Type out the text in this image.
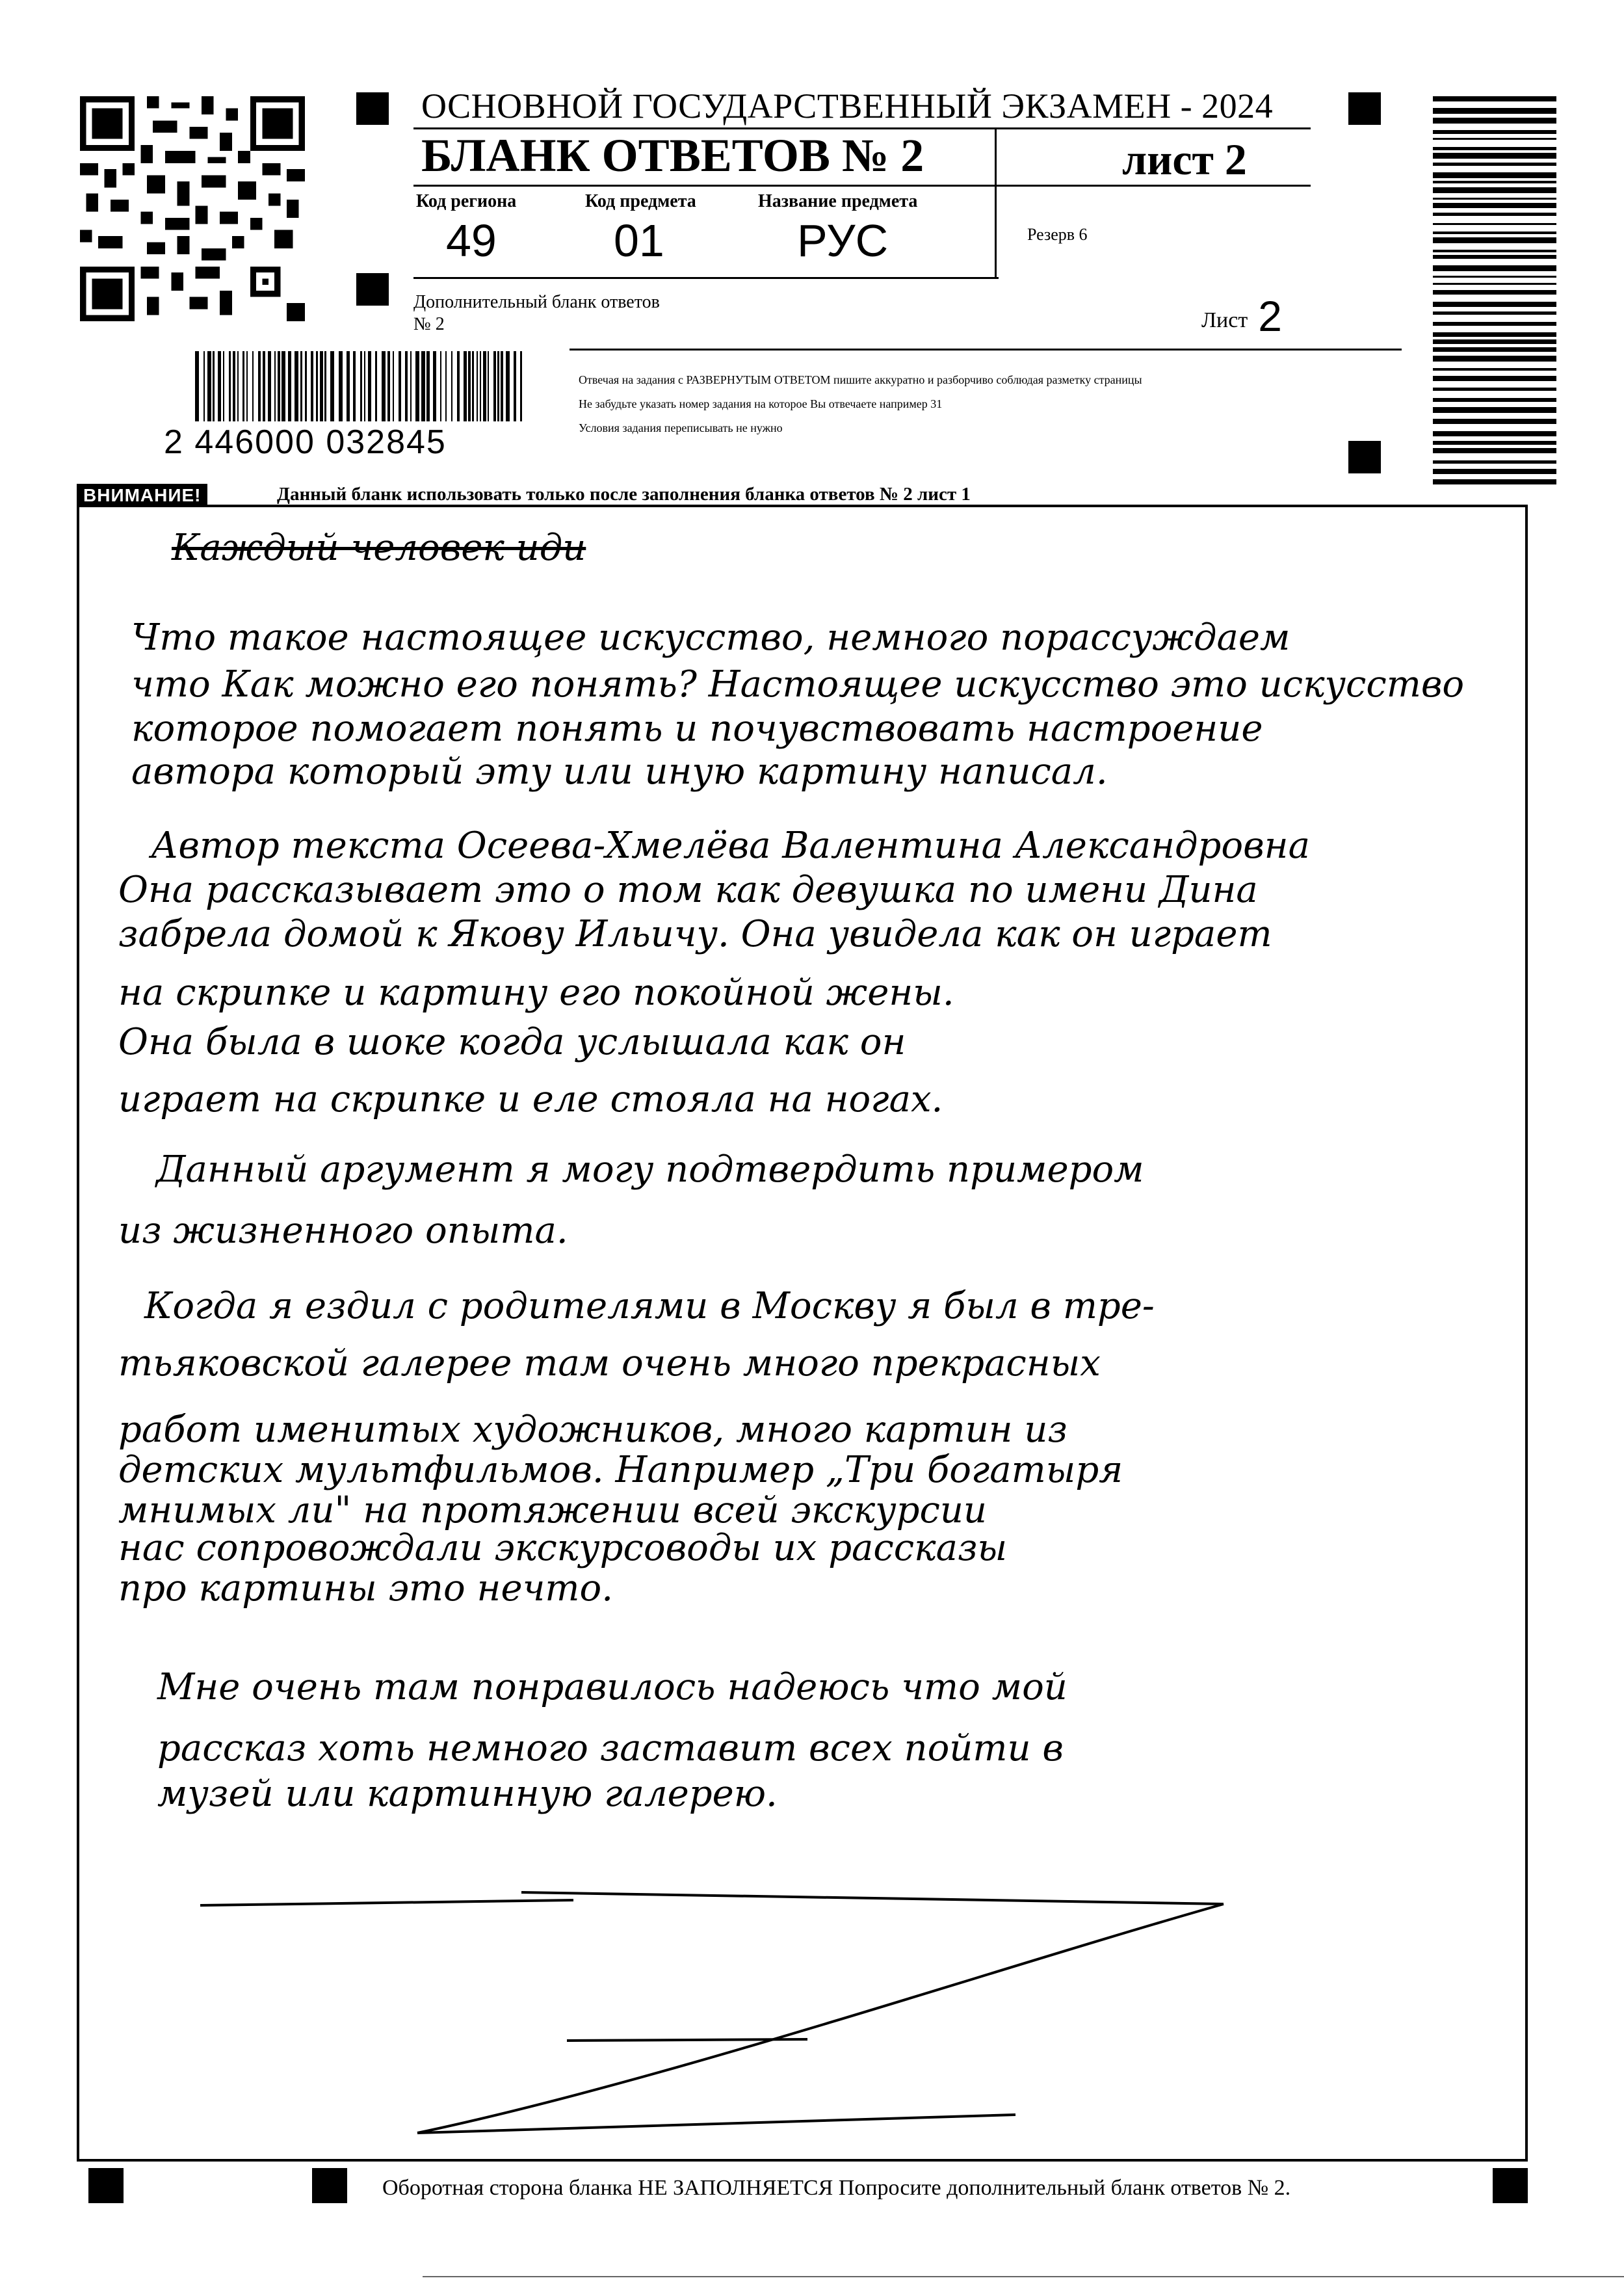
ОСНОВНОЙ ГОСУДАРСТВЕННЫЙ ЭКЗАМЕН - 2024
БЛАНК ОТВЕТОВ № 2	лист 2
Код региона
49
Код предмета
01
Название предмета
РУС	Резерв 6
Дополнительный бланк ответов № 2	Лист 2
Отвечая на задания с РАЗВЕРНУТЫМ ОТВЕТОМ пишите аккуратно и разборчиво соблюдая разметку страницы
Не забудьте указать номер задания на которое Вы отвечаете например 31
Условия задания переписывать не нужно
2 446000 032845
ВНИМАНИЕ!	Данный бланк использовать только после заполнения бланка ответов № 2 лист 1
Каждый человек иди
Что такое настоящее искусство, немного порассуждаем
что Как можно его понять? Настоящее искусство это искусство
которое помогает понять и почувствовать настроение
автора который эту или иную картину написал.
Автор текста Осеева-Хмелёва Валентина Александровна
Она рассказывает это о том как девушка по имени Дина
забрела домой к Якову Ильичу. Она увидела как он играет
на скрипке и картину его покойной жены.
Она была в шоке когда услышала как он
играет на скрипке и еле стояла на ногах.
Данный аргумент я могу подтвердить примером
из жизненного опыта.
Когда я ездил с родителями в Москву я был в тре-
тьяковской галерее там очень много прекрасных
работ именитых художников, много картин из
детских мультфильмов. Например „Три богатыря
мнимых ли" на протяжении всей экскурсии
нас сопровождали экскурсоводы их рассказы
про картины это нечто.
Мне очень там понравилось надеюсь что мой
рассказ хоть немного заставит всех пойти в
музей или картинную галерею.
Оборотная сторона бланка НЕ ЗАПОЛНЯЕТСЯ Попросите дополнительный бланк ответов № 2.
